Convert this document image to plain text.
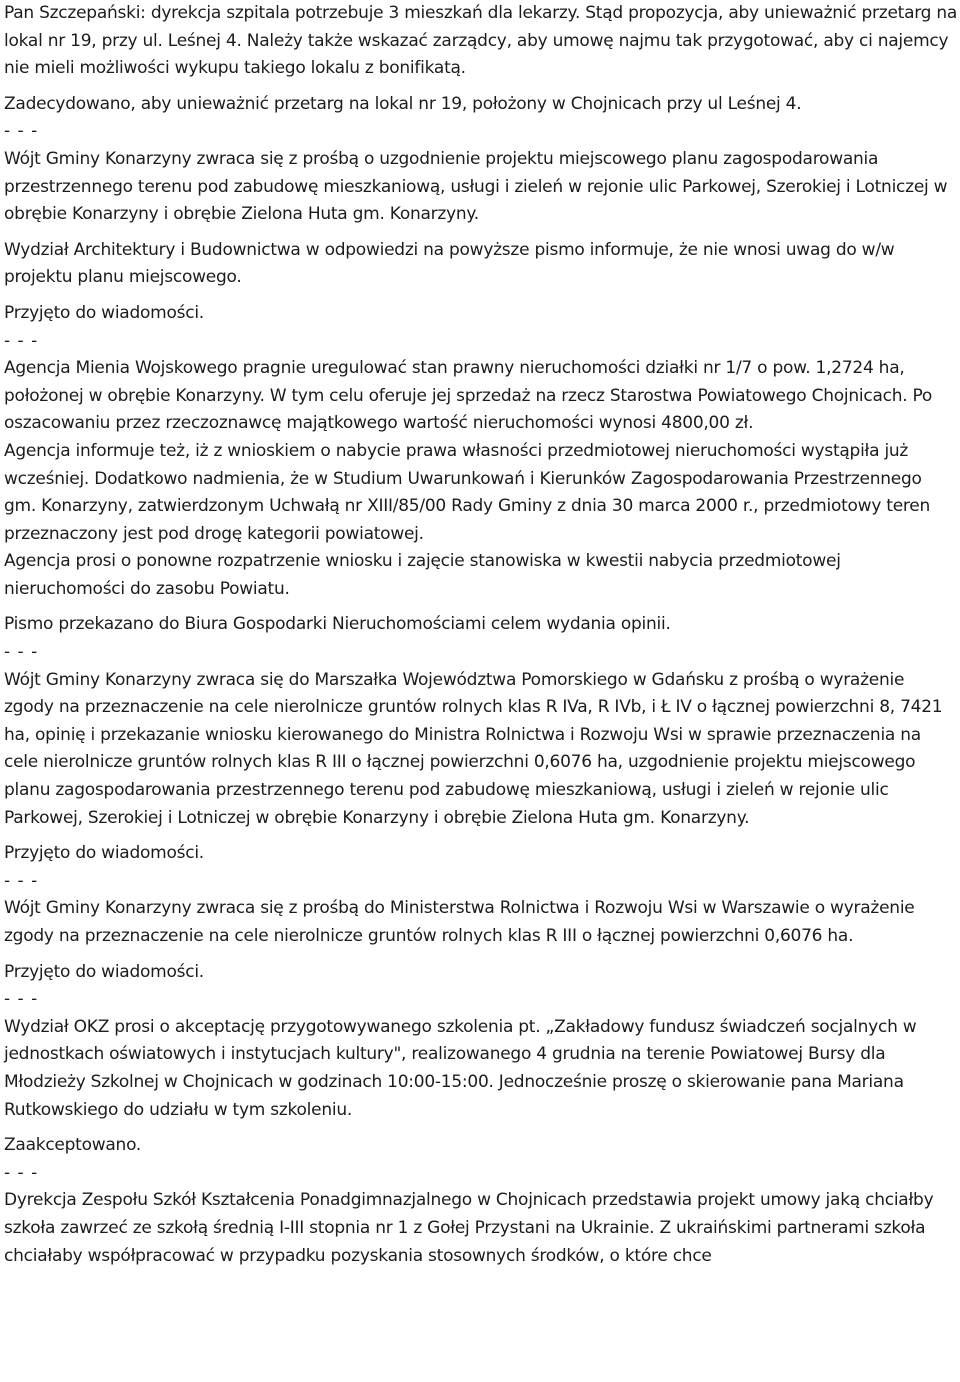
Pan Szczepański: dyrekcja szpitala potrzebuje 3 mieszkań dla lekarzy. Stąd propozycja, aby unieważnić przetarg na lokal nr 19, przy ul. Leśnej 4. Należy także wskazać zarządcy, aby umowę najmu tak przygotować, aby ci najemcy nie mieli możliwości wykupu takiego lokalu z bonifikatą.

Zadecydowano, aby unieważnić przetarg na lokal nr 19, położony w Chojnicach przy ul Leśnej 4.

- - -

Wójt Gminy Konarzyny zwraca się z prośbą o uzgodnienie projektu miejscowego planu zagospodarowania przestrzennego terenu pod zabudowę mieszkaniową, usługi i zieleń w rejonie ulic Parkowej, Szerokiej i Lotniczej w obrębie Konarzyny i obrębie Zielona Huta gm. Konarzyny.

Wydział Architektury i Budownictwa w odpowiedzi na powyższe pismo informuje, że nie wnosi uwag do w/w projektu planu miejscowego.

Przyjęto do wiadomości.

- - -

Agencja Mienia Wojskowego pragnie uregulować stan prawny nieruchomości działki nr 1/7 o pow. 1,2724 ha, położonej w obrębie Konarzyny. W tym celu oferuje jej sprzedaż na rzecz Starostwa Powiatowego Chojnicach. Po oszacowaniu przez rzeczoznawcę majątkowego wartość nieruchomości wynosi 4800,00 zł.

Agencja informuje też, iż z wnioskiem o nabycie prawa własności przedmiotowej nieruchomości wystąpiła już wcześniej. Dodatkowo nadmienia, że w Studium Uwarunkowań i Kierunków Zagospodarowania Przestrzennego gm. Konarzyny, zatwierdzonym Uchwałą nr XIII/85/00 Rady Gminy z dnia 30 marca 2000 r., przedmiotowy teren przeznaczony jest pod drogę kategorii powiatowej.

Agencja prosi o ponowne rozpatrzenie wniosku i zajęcie stanowiska w kwestii nabycia przedmiotowej nieruchomości do zasobu Powiatu.

Pismo przekazano do Biura Gospodarki Nieruchomościami celem wydania opinii.

- - -

Wójt Gminy Konarzyny zwraca się do Marszałka Województwa Pomorskiego w Gdańsku z prośbą o wyrażenie zgody na przeznaczenie na cele nierolnicze gruntów rolnych klas R IVa, R IVb, i Ł IV o łącznej powierzchni 8, 7421 ha, opinię i przekazanie wniosku kierowanego do Ministra Rolnictwa i Rozwoju Wsi w sprawie przeznaczenia na cele nierolnicze gruntów rolnych klas R III o łącznej powierzchni 0,6076 ha, uzgodnienie projektu miejscowego planu zagospodarowania przestrzennego terenu pod zabudowę mieszkaniową, usługi i zieleń w rejonie ulic Parkowej, Szerokiej i Lotniczej w obrębie Konarzyny i obrębie Zielona Huta gm. Konarzyny.

Przyjęto do wiadomości.

- - -

Wójt Gminy Konarzyny zwraca się z prośbą do Ministerstwa Rolnictwa i Rozwoju Wsi w Warszawie o wyrażenie zgody na przeznaczenie na cele nierolnicze gruntów rolnych klas R III o łącznej powierzchni 0,6076 ha.

Przyjęto do wiadomości.

- - -

Wydział OKZ prosi o akceptację przygotowywanego szkolenia pt. „Zakładowy fundusz świadczeń socjalnych w jednostkach oświatowych i instytucjach kultury", realizowanego 4 grudnia na terenie Powiatowej Bursy dla Młodzieży Szkolnej w Chojnicach w godzinach 10:00-15:00. Jednocześnie proszę o skierowanie pana Mariana Rutkowskiego do udziału w tym szkoleniu.

Zaakceptowano.

- - -

Dyrekcja Zespołu Szkół Kształcenia Ponadgimnazjalnego w Chojnicach przedstawia projekt umowy jaką chciałby szkoła zawrzeć ze szkołą średnią I-III stopnia nr 1 z Gołej Przystani na Ukrainie. Z ukraińskimi partnerami szkoła chciałaby współpracować w przypadku pozyskania stosownych środków, o które chce
